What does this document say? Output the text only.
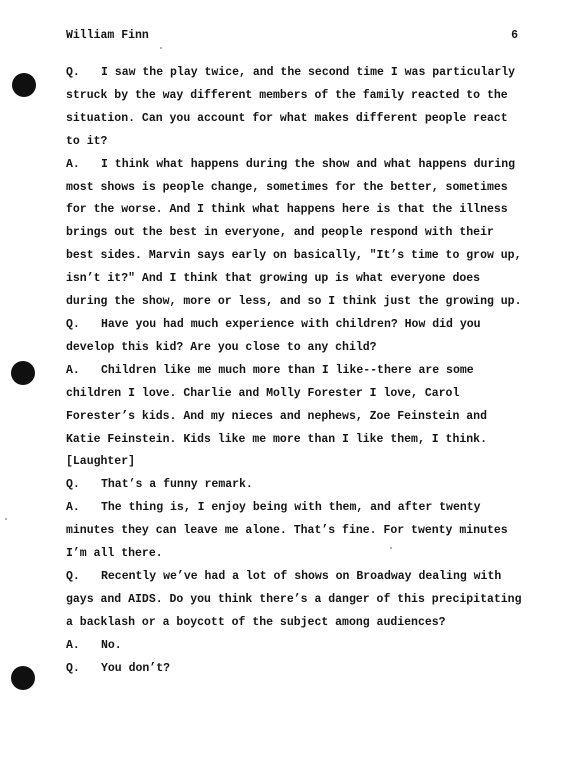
William Finn	6

Q. I saw the play twice, and the second time I was particularly struck by the way different members of the family reacted to the situation. Can you account for what makes different people react to it?

A. I think what happens during the show and what happens during most shows is people change, sometimes for the better, sometimes for the worse. And I think what happens here is that the illness brings out the best in everyone, and people respond with their best sides. Marvin says early on basically, "It’s time to grow up, isn’t it?" And I think that growing up is what everyone does during the show, more or less, and so I think just the growing up.

Q. Have you had much experience with children? How did you develop this kid? Are you close to any child?

A. Children like me much more than I like--there are some children I love. Charlie and Molly Forester I love, Carol Forester’s kids. And my nieces and nephews, Zoe Feinstein and Katie Feinstein. Kids like me more than I like them, I think. [Laughter]

Q. That’s a funny remark.

A. The thing is, I enjoy being with them, and after twenty minutes they can leave me alone. That’s fine. For twenty minutes I’m all there.

Q. Recently we’ve had a lot of shows on Broadway dealing with gays and AIDS. Do you think there’s a danger of this precipitating a backlash or a boycott of the subject among audiences?

A. No.

Q. You don’t?
